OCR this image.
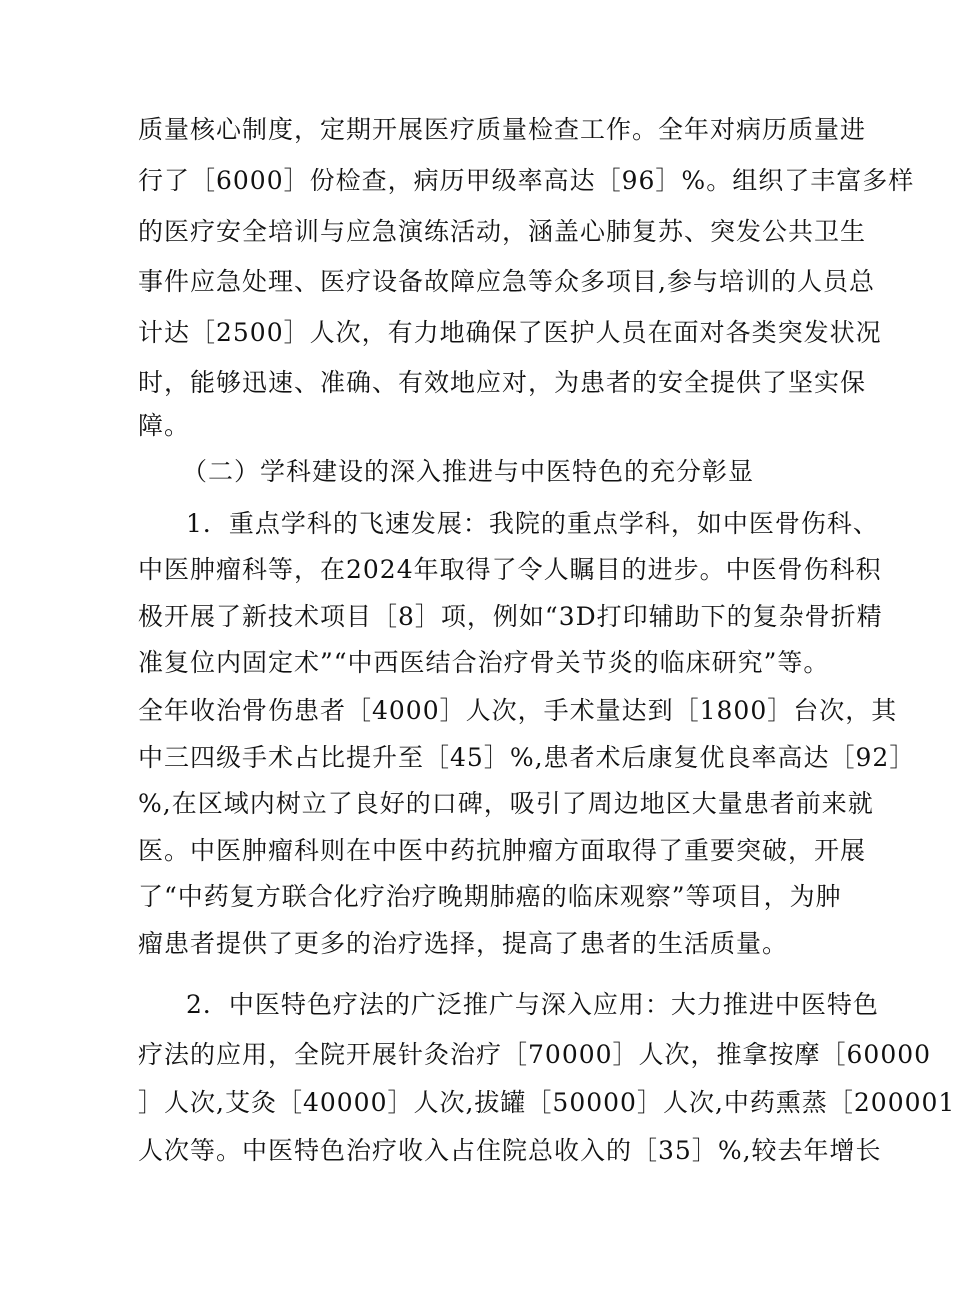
质量核心制度，定期开展医疗质量检查工作。全年对病历质量进
行了［6000］份检查，病历甲级率高达［96］%。组织了丰富多样
的医疗安全培训与应急演练活动，涵盖心肺复苏、突发公共卫生
事件应急处理、医疗设备故障应急等众多项目,参与培训的人员总
计达［2500］人次，有力地确保了医护人员在面对各类突发状况
时，能够迅速、准确、有效地应对，为患者的安全提供了坚实保
障。
（二）学科建设的深入推进与中医特色的充分彰显
1．重点学科的飞速发展：我院的重点学科，如中医骨伤科、
中医肿瘤科等，在2024年取得了令人瞩目的进步。中医骨伤科积
极开展了新技术项目［8］项，例如“3D打印辅助下的复杂骨折精
准复位内固定术”“中西医结合治疗骨关节炎的临床研究”等。
全年收治骨伤患者［4000］人次，手术量达到［1800］台次，其
中三四级手术占比提升至［45］%,患者术后康复优良率高达［92］
%,在区域内树立了良好的口碑，吸引了周边地区大量患者前来就
医。中医肿瘤科则在中医中药抗肿瘤方面取得了重要突破，开展
了“中药复方联合化疗治疗晚期肺癌的临床观察”等项目，为肿
瘤患者提供了更多的治疗选择，提高了患者的生活质量。
2．中医特色疗法的广泛推广与深入应用：大力推进中医特色
疗法的应用，全院开展针灸治疗［70000］人次，推拿按摩［60000
］人次,艾灸［40000］人次,拔罐［50000］人次,中药熏蒸［200001
人次等。中医特色治疗收入占住院总收入的［35］%,较去年增长
